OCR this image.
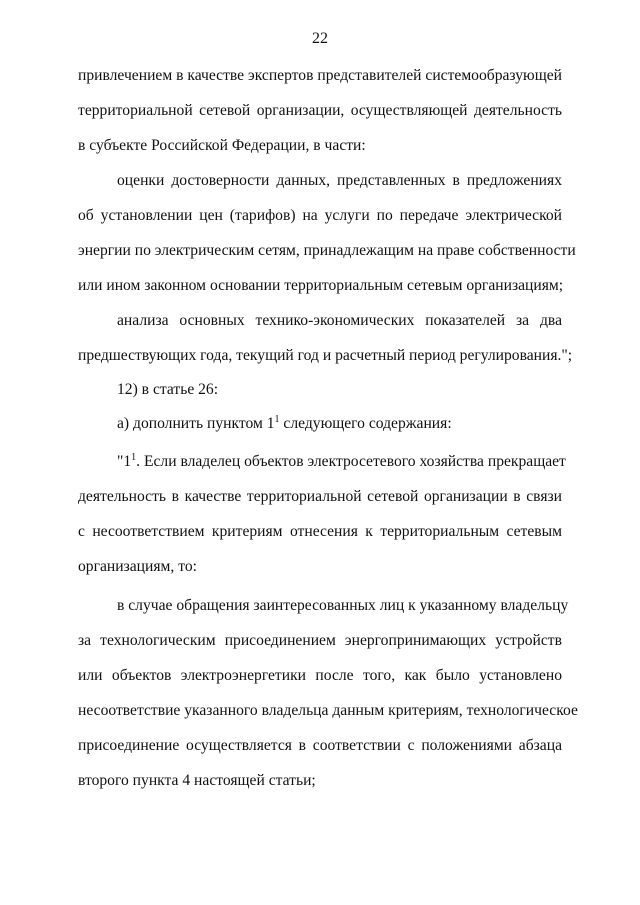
22
привлечением в качестве экспертов представителей системообразующей
территориальной сетевой организации, осуществляющей деятельность
в субъекте Российской Федерации, в части:
оценки достоверности данных, представленных в предложениях
об установлении цен (тарифов) на услуги по передаче электрической
энергии по электрическим сетям, принадлежащим на праве собственности
или ином законном основании территориальным сетевым организациям;
анализа основных технико-экономических показателей за два
предшествующих года, текущий год и расчетный период регулирования.";
12) в статье 26:
а) дополнить пунктом $1^1$ следующего содержания:
"$1^1$. Если владелец объектов электросетевого хозяйства прекращает
деятельность в качестве территориальной сетевой организации в связи
с несоответствием критериям отнесения к территориальным сетевым
организациям, то:
в случае обращения заинтересованных лиц к указанному владельцу
за технологическим присоединением энергопринимающих устройств
или объектов электроэнергетики после того, как было установлено
несоответствие указанного владельца данным критериям, технологическое
присоединение осуществляется в соответствии с положениями абзаца
второго пункта 4 настоящей статьи;
